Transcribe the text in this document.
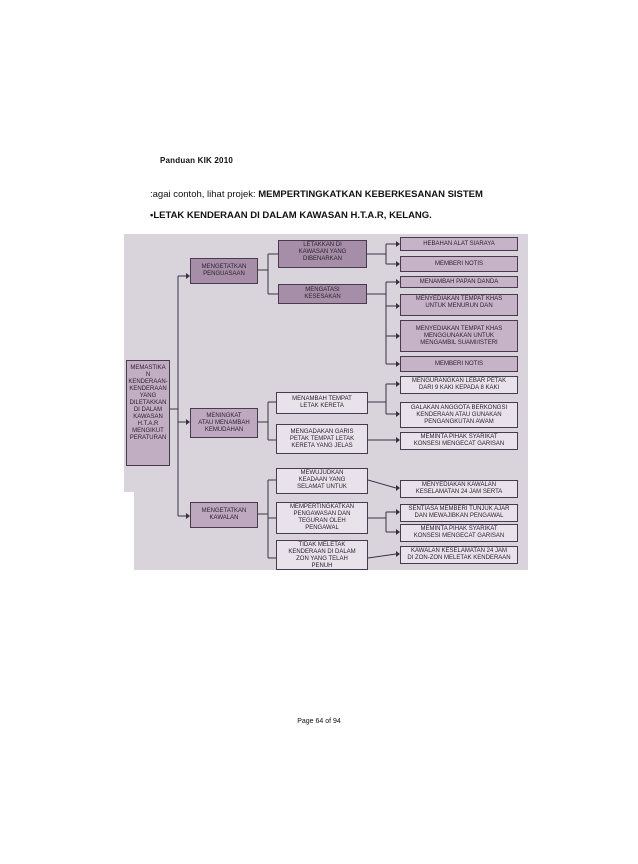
Panduan KIK 2010
:agai contoh, lihat projek: MEMPERTINGKATKAN KEBERKESANAN SISTEM
•LETAK KENDERAAN DI DALAM KAWASAN H.T.A.R, KELANG.
MEMASTIKA
N
KENDERAAN-
KENDERAAN
YANG
DILETAKKAN
DI DALAM
KAWASAN
H.T.A.R
MENGIKUT
PERATURAN
MENGETATKAN
PENGUASAAN
MENINGKAT
ATAU MENAMBAH
KEMUDAHAN
MENGETATKAN
KAWALAN
LETAKKAN DI
KAWASAN YANG
DIBENARKAN
MENGATASI
KESESAKAN
MENAMBAH TEMPAT
LETAK KERETA
MENGADAKAN GARIS
PETAK TEMPAT LETAK
KERETA YANG JELAS
MEWUJUDKAN
KEADAAN YANG
SELAMAT UNTUK
MEMPERTINGKATKAN
PENGAWASAN DAN
TEGURAN OLEH
PENGAWAL
TIDAK MELETAK
KENDERAAN DI DALAM
ZON YANG TELAH
PENUH
HEBAHAN ALAT SIARAYA
MEMBERI NOTIS
MENAMBAH PAPAN DANDA
MENYEDIAKAN TEMPAT KHAS
UNTUK MENURUN DAN
MENYEDIAKAN TEMPAT KHAS
MENGGUNAKAN UNTUK
MENGAMBIL SUAMI/ISTERI
MEMBERI NOTIS
MENGURANGKAN LEBAR PETAK
DARI 9 KAKI KEPADA 8 KAKI
GALAKAN ANGGOTA BERKONGSI
KENDERAAN ATAU GUNAKAN
PENGANGKUTAN AWAM
MEMINTA PIHAK SYARIKAT
KONSESI MENGECAT GARISAN
MENYEDIAKAN KAWALAN
KESELAMATAN 24 JAM SERTA
SENTIASA MEMBERI TUNJUK AJAR
DAN MEWAJIBKAN PENGAWAL
MEMINTA PIHAK SYARIKAT
KONSESI MENGECAT GARISAN
KAWALAN KESELAMATAN 24 JAM
DI ZON-ZON MELETAK KENDERAAN
Page 64 of 94
